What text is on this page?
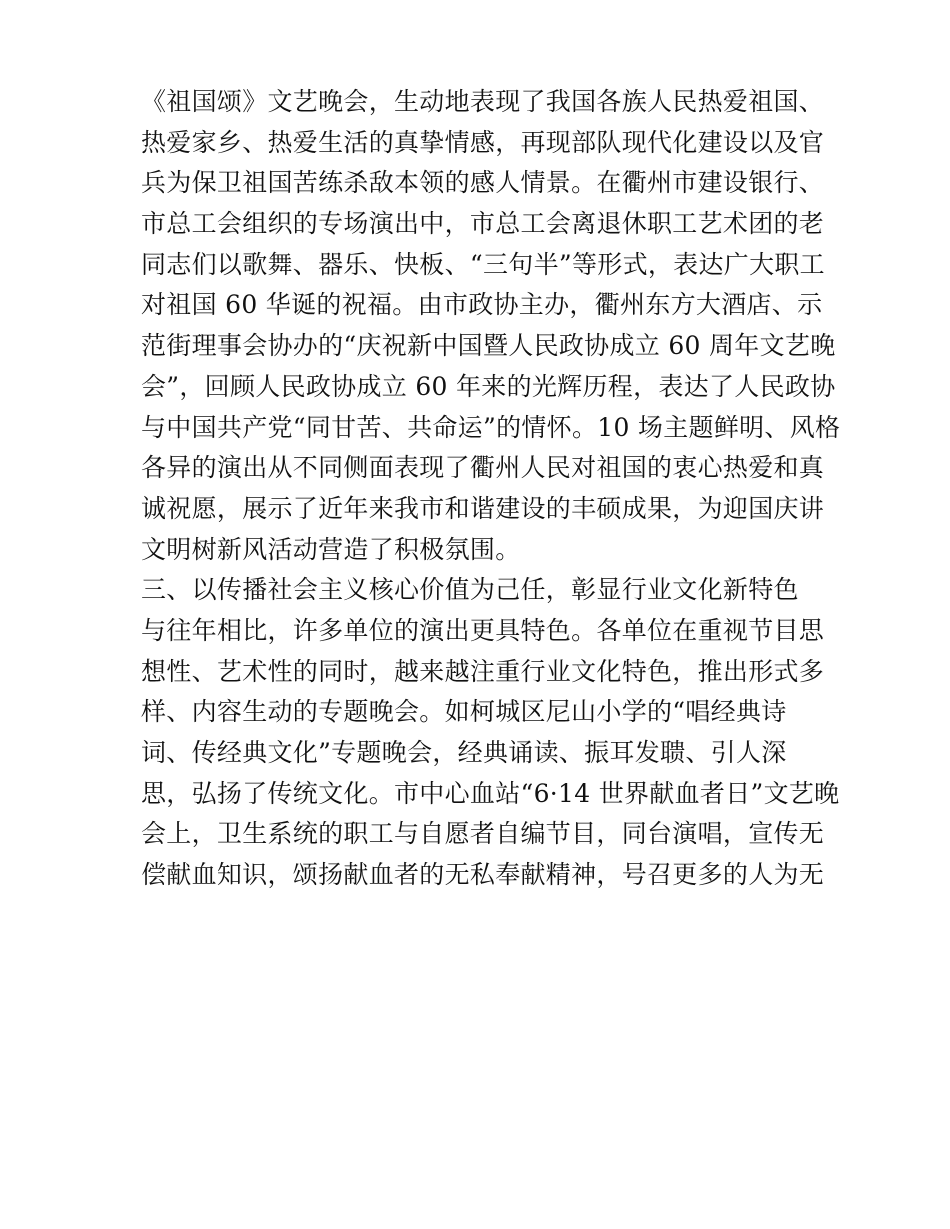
《祖国颂》文艺晚会，生动地表现了我国各族人民热爱祖国、
热爱家乡、热爱生活的真挚情感，再现部队现代化建设以及官
兵为保卫祖国苦练杀敌本领的感人情景。在衢州市建设银行、
市总工会组织的专场演出中，市总工会离退休职工艺术团的老
同志们以歌舞、器乐、快板、“三句半”等形式，表达广大职工
对祖国 60 华诞的祝福。由市政协主办，衢州东方大酒店、示
范街理事会协办的“庆祝新中国暨人民政协成立 60 周年文艺晚
会”，回顾人民政协成立 60 年来的光辉历程，表达了人民政协
与中国共产党“同甘苦、共命运”的情怀。10 场主题鲜明、风格
各异的演出从不同侧面表现了衢州人民对祖国的衷心热爱和真
诚祝愿，展示了近年来我市和谐建设的丰硕成果，为迎国庆讲
文明树新风活动营造了积极氛围。
三、以传播社会主义核心价值为己任，彰显行业文化新特色
与往年相比，许多单位的演出更具特色。各单位在重视节目思
想性、艺术性的同时，越来越注重行业文化特色，推出形式多
样、内容生动的专题晚会。如柯城区尼山小学的“唱经典诗
词、传经典文化”专题晚会，经典诵读、振耳发聩、引人深
思，弘扬了传统文化。市中心血站“6·14 世界献血者日”文艺晚
会上，卫生系统的职工与自愿者自编节目，同台演唱，宣传无
偿献血知识，颂扬献血者的无私奉献精神，号召更多的人为无
